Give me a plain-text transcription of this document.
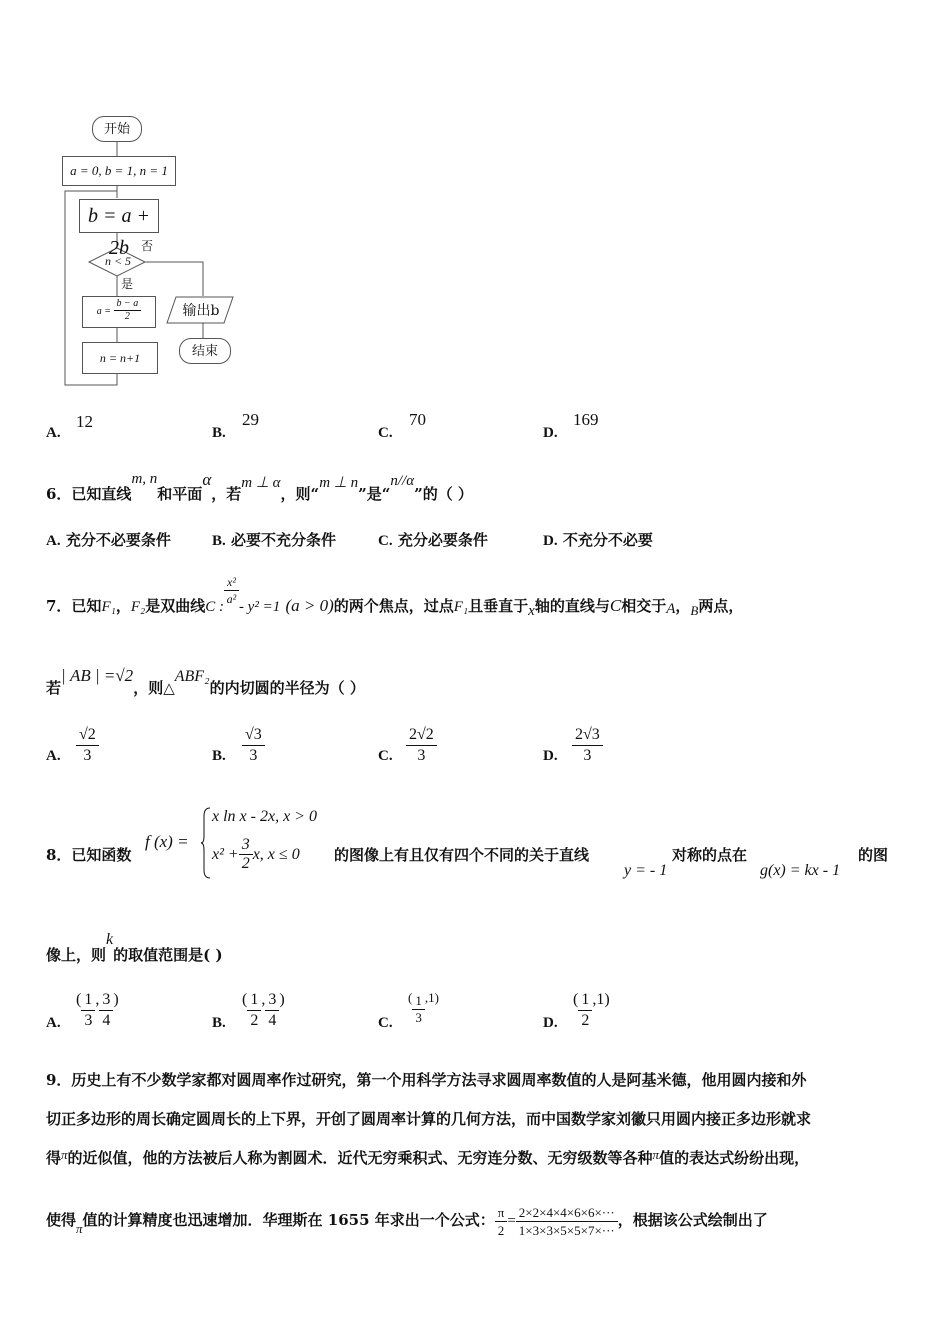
开始
a = 0, b = 1, n = 1
b = a + 2b
n < 5
否
是
$a = \frac{b - a}{2}$
n = n+1
输出b
结束
A.
12
B.
29
C.
70
D.
169
6．已知直线m, n和平面α，若m ⊥ α，则“m ⊥ n”是“n//α”的（ ）
A. 充分不必要条件	B. 必要不充分条件	C. 充分必要条件	D. 不充分不必要
7．已知F₁，F₂是双曲线C : $\frac{\text{x²}}{\text{a²}} - y^2 =1$ (a > 0)的两个焦点，过点F₁且垂直于x轴的直线与C相交于A，B两点，
若| AB | =√2，则△ABF₂的内切圆的半径为（ ）
A. $\frac{√2}{3}$	B. $\frac{√3}{3}$	C. $\frac{2√2}{3}$	D. $\frac{2√3}{3}$
8．已知函数
f (x) =
x ln x - 2x, x > 0
$x^2 + \frac{3}{2} x$, x ≤ 0 的图像上有且仅有四个不同的关于直线
y = - 1
对称的点在
g(x) = kx - 1
的图
像上，则k的取值范围是( )
A.
( $\frac{1}{3}$ , $\frac{3}{4}$ )
B.
( $\frac{1}{2}$ , $\frac{3}{4}$ )
C.
( $\frac{1}{3} ,1$)
D.
( $\frac{1}{2} ,1$)
9．历史上有不少数学家都对圆周率作过研究，第一个用科学方法寻求圆周率数值的人是阿基米德，他用圆内接和外
切正多边形的周长确定圆周长的上下界，开创了圆周率计算的几何方法，而中国数学家刘徽只用圆内接正多边形就求
得π的近似值，他的方法被后人称为割圆术．近代无穷乘积式、无穷连分数、无穷级数等各种π值的表达式纷纷出现，
使得π值的计算精度也迅速增加．华理斯在 1655 年求出一个公式： $\frac{\pi}{2} = \frac{2\times 2\times 4\times 4\times 6\times 6\times\cdot\cdot\cdot}{1\times 3\times 3\times 5\times 5\times 7\times\cdot\cdot\cdot}$ ，根据该公式绘制出了
